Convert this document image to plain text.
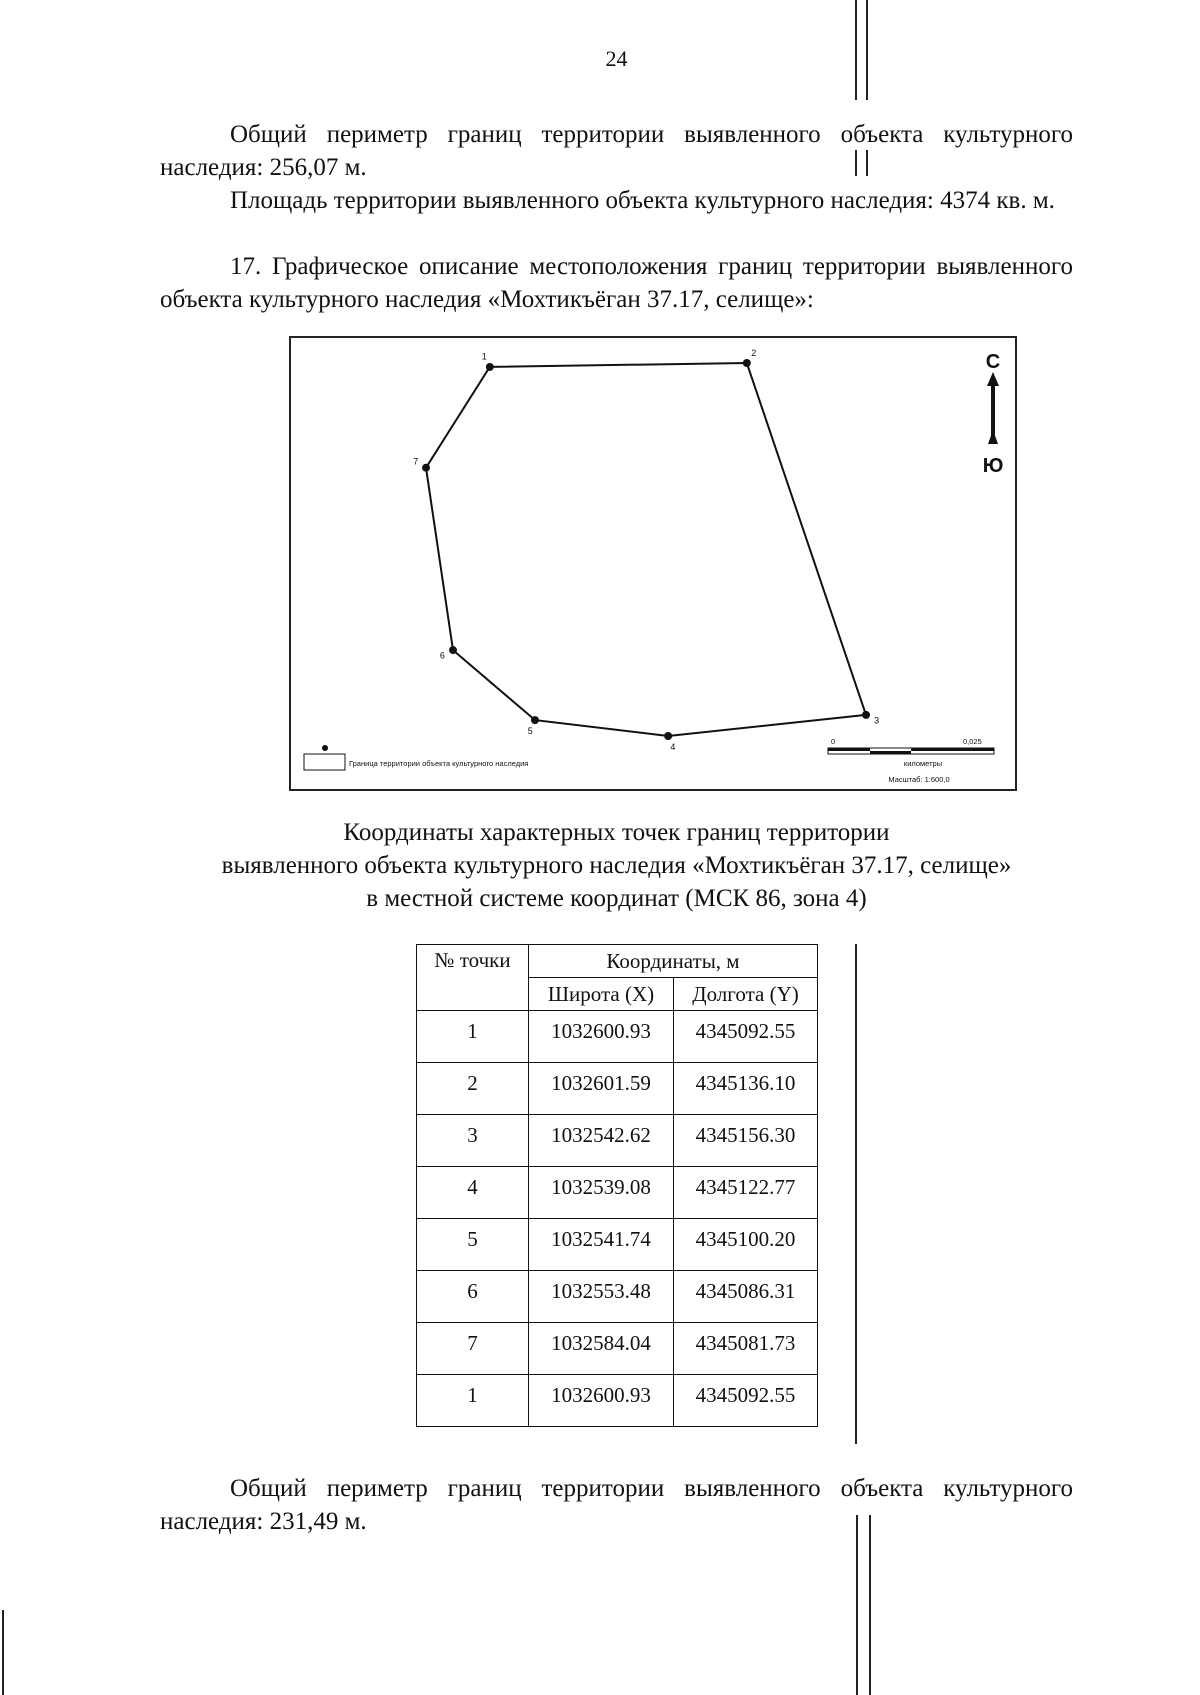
24
Общий периметр границ территории выявленного объекта культурного наследия: 256,07 м.
Площадь территории выявленного объекта культурного наследия: 4374 кв. м.
17. Графическое описание местоположения границ территории выявленного объекта культурного наследия «Мохтикъёган 37.17, селище»:
1	2
3
4
5
6
7
С
Ю
Граница территории объекта культурного наследия
0	0,025
километры
Масштаб: 1:600,0
Координаты характерных точек границ территории
выявленного объекта культурного наследия «Мохтикъёган 37.17, селище»
в местной системе координат (МСК 86, зона 4)
№ точки	Координаты, м	
	Широта (X)	Долгота (Y)
1	1032600.93	4345092.55
2	1032601.59	4345136.10
3	1032542.62	4345156.30
4	1032539.08	4345122.77
5	1032541.74	4345100.20
6	1032553.48	4345086.31
7	1032584.04	4345081.73
1	1032600.93	4345092.55
Общий периметр границ территории выявленного объекта культурного наследия: 231,49 м.
